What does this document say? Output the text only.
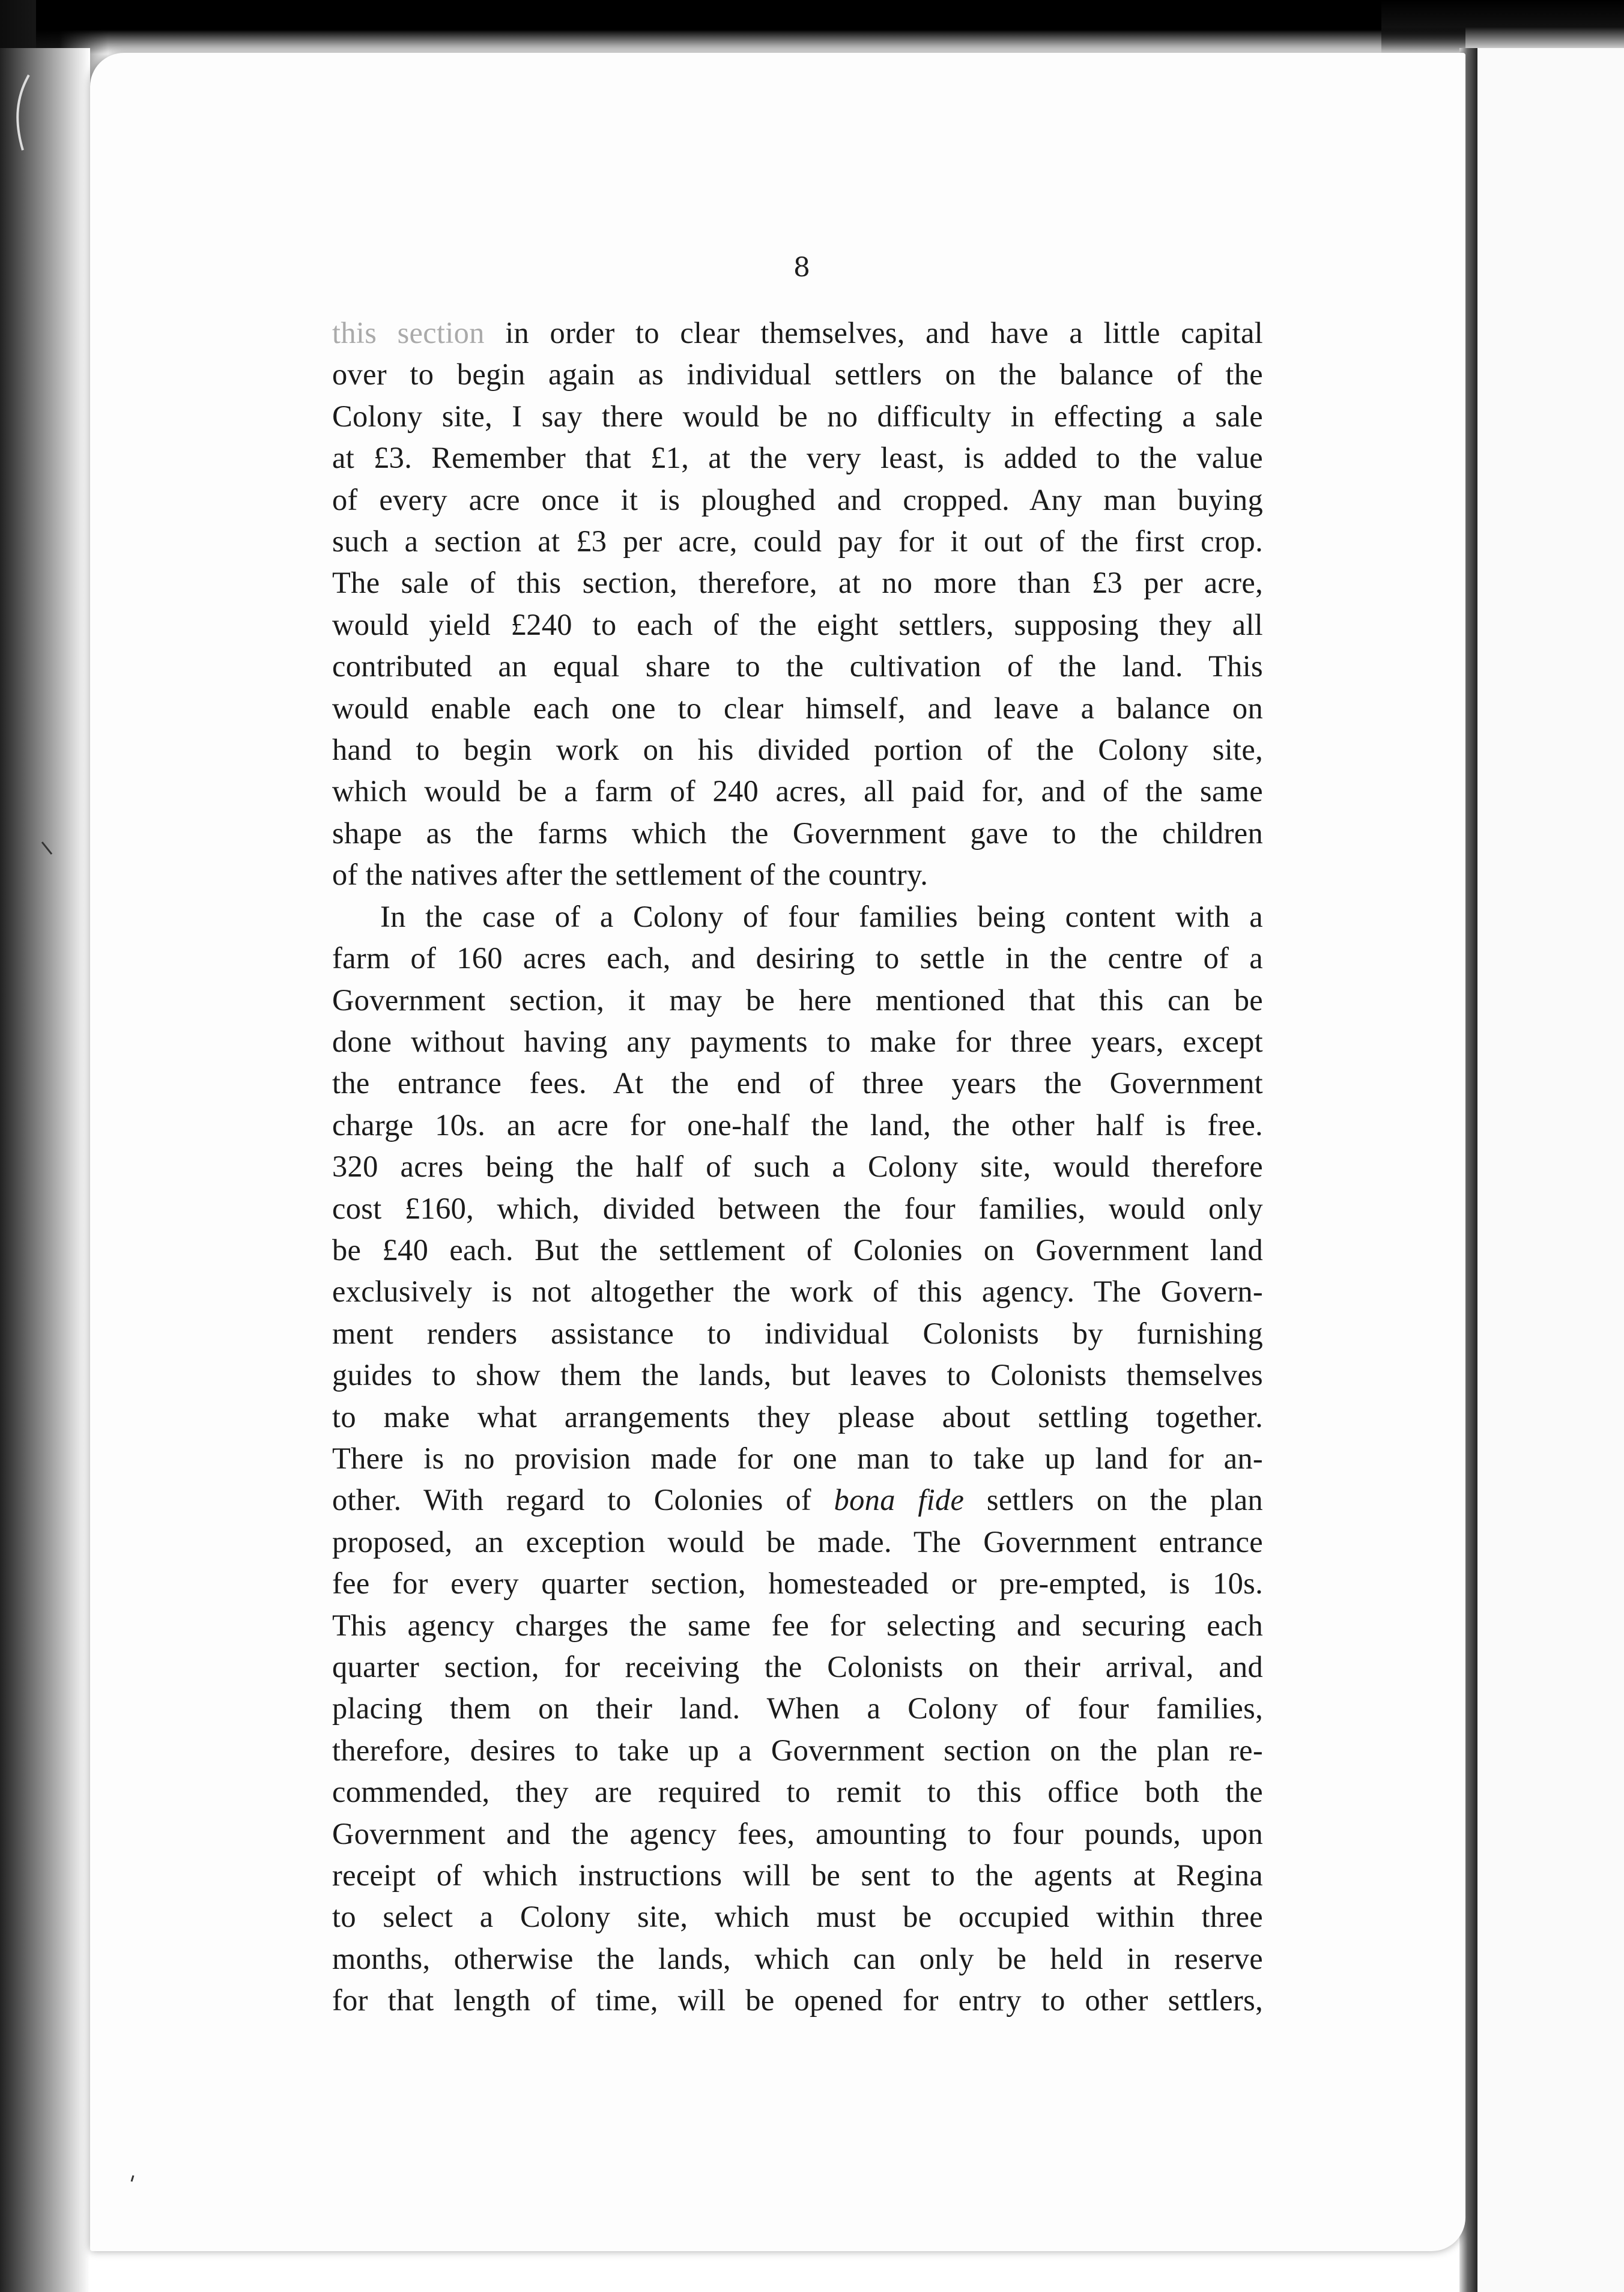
8
this section in order to clear themselves, and have a little capital
over to begin again as individual settlers on the balance of the
Colony site, I say there would be no difficulty in effecting a sale
at £3. Remember that £1, at the very least, is added to the value
of every acre once it is ploughed and cropped. Any man buying
such a section at £3 per acre, could pay for it out of the first crop.
The sale of this section, therefore, at no more than £3 per acre,
would yield £240 to each of the eight settlers, supposing they all
contributed an equal share to the cultivation of the land. This
would enable each one to clear himself, and leave a balance on
hand to begin work on his divided portion of the Colony site,
which would be a farm of 240 acres, all paid for, and of the same
shape as the farms which the Government gave to the children
of the natives after the settlement of the country.
In the case of a Colony of four families being content with a
farm of 160 acres each, and desiring to settle in the centre of a
Government section, it may be here mentioned that this can be
done without having any payments to make for three years, except
the entrance fees. At the end of three years the Government
charge 10s. an acre for one-half the land, the other half is free.
320 acres being the half of such a Colony site, would therefore
cost £160, which, divided between the four families, would only
be £40 each. But the settlement of Colonies on Government land
exclusively is not altogether the work of this agency. The Govern-
ment renders assistance to individual Colonists by furnishing
guides to show them the lands, but leaves to Colonists themselves
to make what arrangements they please about settling together.
There is no provision made for one man to take up land for an-
other. With regard to Colonies of bona fide settlers on the plan
proposed, an exception would be made. The Government entrance
fee for every quarter section, homesteaded or pre-empted, is 10s.
This agency charges the same fee for selecting and securing each
quarter section, for receiving the Colonists on their arrival, and
placing them on their land. When a Colony of four families,
therefore, desires to take up a Government section on the plan re-
commended, they are required to remit to this office both the
Government and the agency fees, amounting to four pounds, upon
receipt of which instructions will be sent to the agents at Regina
to select a Colony site, which must be occupied within three
months, otherwise the lands, which can only be held in reserve
for that length of time, will be opened for entry to other settlers,
